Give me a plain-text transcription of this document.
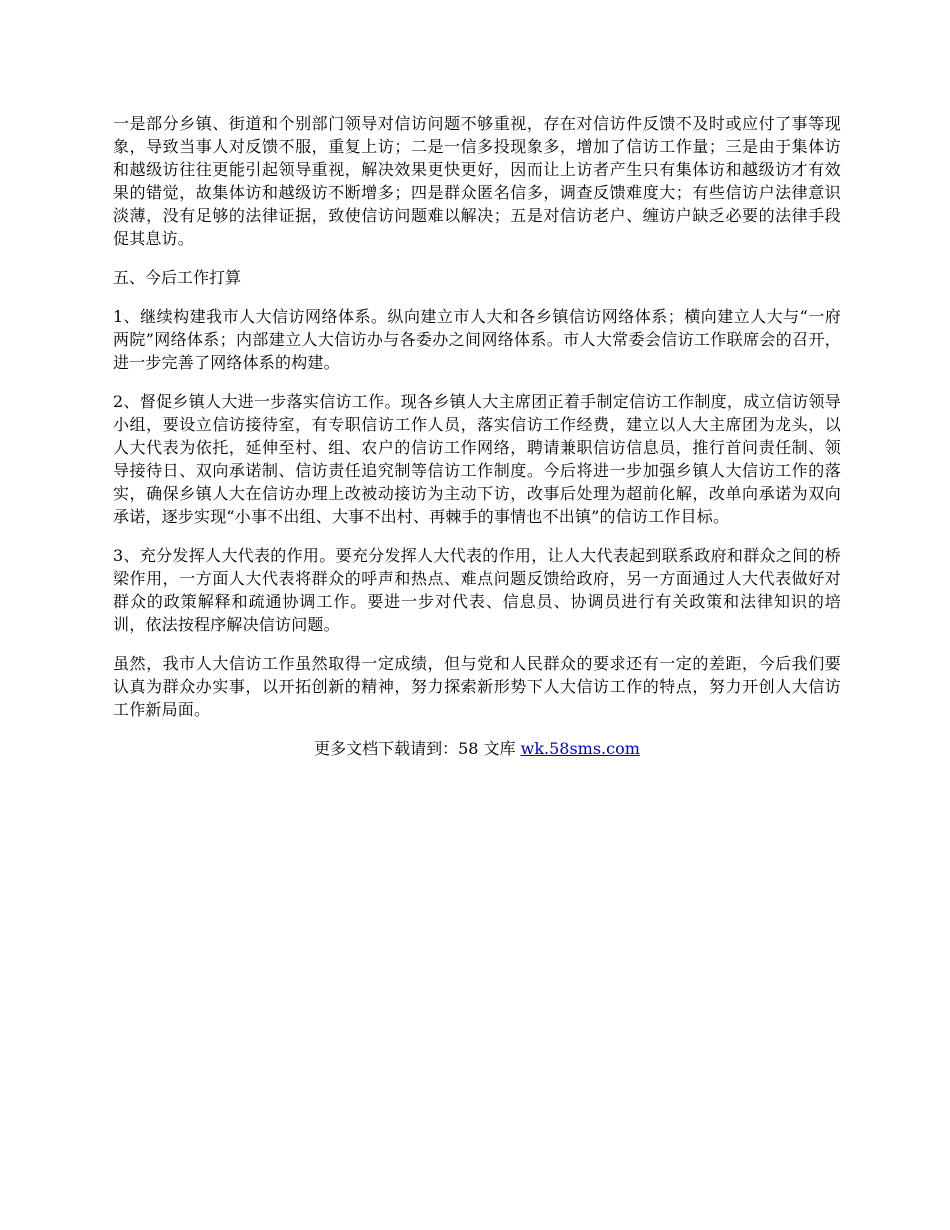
一是部分乡镇、街道和个别部门领导对信访问题不够重视，存在对信访件反馈不及时或应付了事等现象，导致当事人对反馈不服，重复上访；二是一信多投现象多，增加了信访工作量；三是由于集体访和越级访往往更能引起领导重视，解决效果更快更好，因而让上访者产生只有集体访和越级访才有效果的错觉，故集体访和越级访不断增多；四是群众匿名信多，调查反馈难度大；有些信访户法律意识淡薄，没有足够的法律证据，致使信访问题难以解决；五是对信访老户、缠访户缺乏必要的法律手段促其息访。

五、今后工作打算

1、继续构建我市人大信访网络体系。纵向建立市人大和各乡镇信访网络体系；横向建立人大与“一府两院”网络体系；内部建立人大信访办与各委办之间网络体系。市人大常委会信访工作联席会的召开，进一步完善了网络体系的构建。

2、督促乡镇人大进一步落实信访工作。现各乡镇人大主席团正着手制定信访工作制度，成立信访领导小组，要设立信访接待室，有专职信访工作人员，落实信访工作经费，建立以人大主席团为龙头，以人大代表为依托，延伸至村、组、农户的信访工作网络，聘请兼职信访信息员，推行首问责任制、领导接待日、双向承诺制、信访责任追究制等信访工作制度。今后将进一步加强乡镇人大信访工作的落实，确保乡镇人大在信访办理上改被动接访为主动下访，改事后处理为超前化解，改单向承诺为双向承诺，逐步实现“小事不出组、大事不出村、再棘手的事情也不出镇”的信访工作目标。

3、充分发挥人大代表的作用。要充分发挥人大代表的作用，让人大代表起到联系政府和群众之间的桥梁作用，一方面人大代表将群众的呼声和热点、难点问题反馈给政府，另一方面通过人大代表做好对群众的政策解释和疏通协调工作。要进一步对代表、信息员、协调员进行有关政策和法律知识的培训，依法按程序解决信访问题。

虽然，我市人大信访工作虽然取得一定成绩，但与党和人民群众的要求还有一定的差距，今后我们要认真为群众办实事，以开拓创新的精神，努力探索新形势下人大信访工作的特点，努力开创人大信访工作新局面。

更多文档下载请到：58 文库 wk.58sms.com
